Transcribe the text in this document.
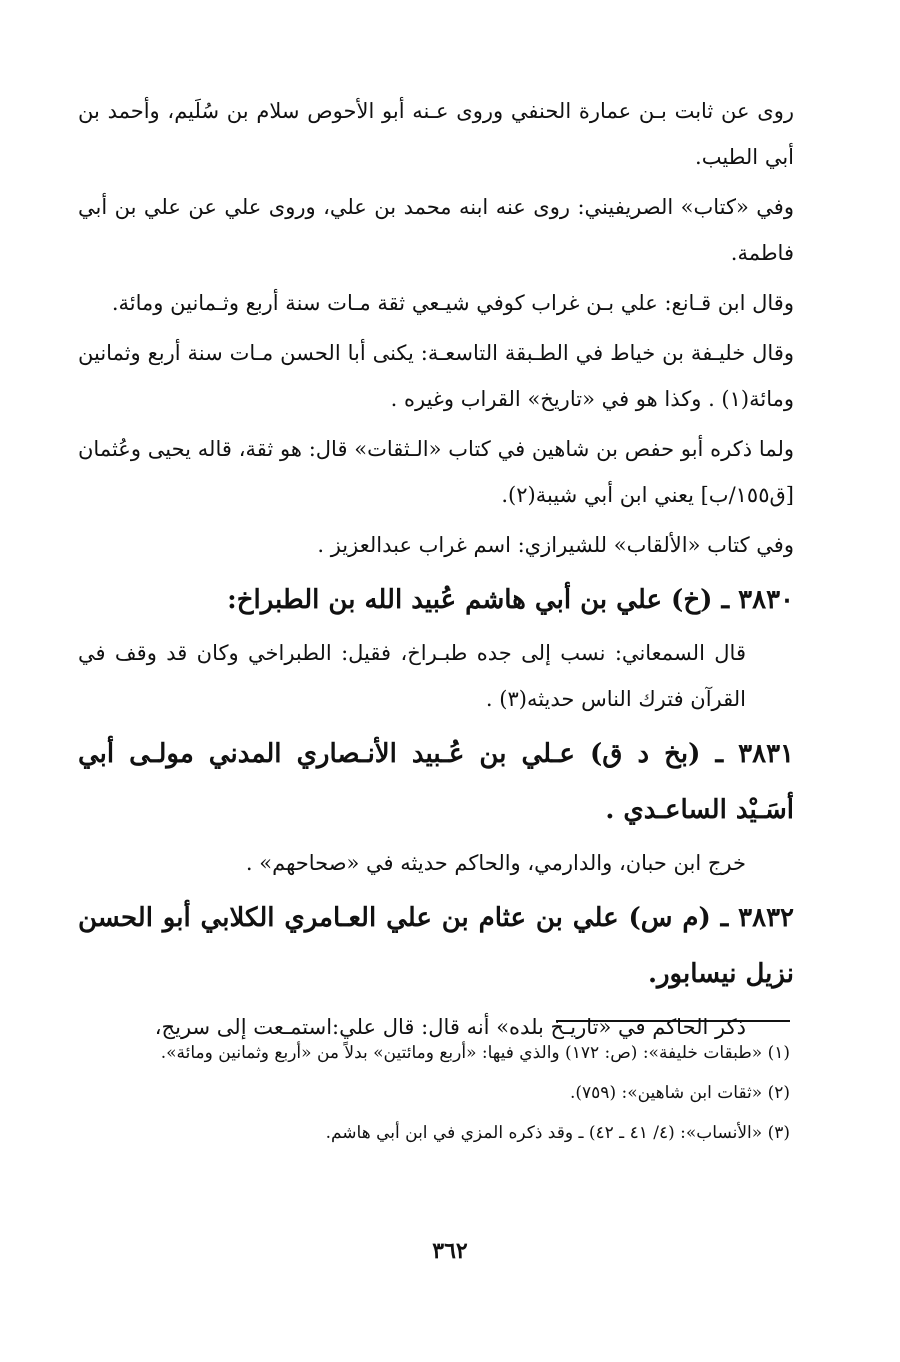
روى عن ثابت بـن عمارة الحنفي وروى عـنه أبو الأحوص سلام بن سُلَيم، وأحمد بن أبي الطيب.

وفي «كتاب» الصريفيني: روى عنه ابنه محمد بن علي، وروى علي عن علي بن أبي فاطمة.

وقال ابن قـانع: علي بـن غراب كوفي شيـعي ثقة مـات سنة أربع وثـمانين ومائة.

وقال خليـفة بن خياط في الطـبقة التاسعـة: يكنى أبا الحسن مـات سنة أربع وثمانين ومائة(١) . وكذا هو في «تاريخ» القراب وغيره .

ولما ذكره أبو حفص بن شاهين في كتاب «الـثقات» قال: هو ثقة، قاله يحيى وعُثمان [ق١٥٥/ب] يعني ابن أبي شيبة(٢).

وفي كتاب «الألقاب» للشيرازي: اسم غراب عبدالعزيز .

٣٨٣٠ ـ (خ) علي بن أبي هاشم عُبيد الله بن الطبراخ:

قال السمعاني: نسب إلى جده طبـراخ، فقيل: الطبراخي وكان قد وقف في القرآن فترك الناس حديثه(٣) .

٣٨٣١ ـ (بخ د ق) عـلي بن عُـبيد الأنـصاري المدني مولـى أبي أسَـيْد الساعـدي .

خرج ابن حبان، والدارمي، والحاكم حديثه في «صحاحهم» .

٣٨٣٢ ـ (م س) علي بن عثام بن علي العـامري الكلابي أبو الحسن نزيل نيسابور.

ذكر الحاكم في «تاريـخ بلده» أنه قال: قال علي:استمـعت إلى سريج،

(١) «طبقات خليفة»: (ص: ١٧٢) والذي فيها: «أربع ومائتين» بدلاً من «أربع وثمانين ومائة».

(٢) «ثقات ابن شاهين»: (٧٥٩).

(٣) «الأنساب»: (٤/ ٤١ ـ ٤٢) ـ وقد ذكره المزي في ابن أبي هاشم.

٣٦٢
